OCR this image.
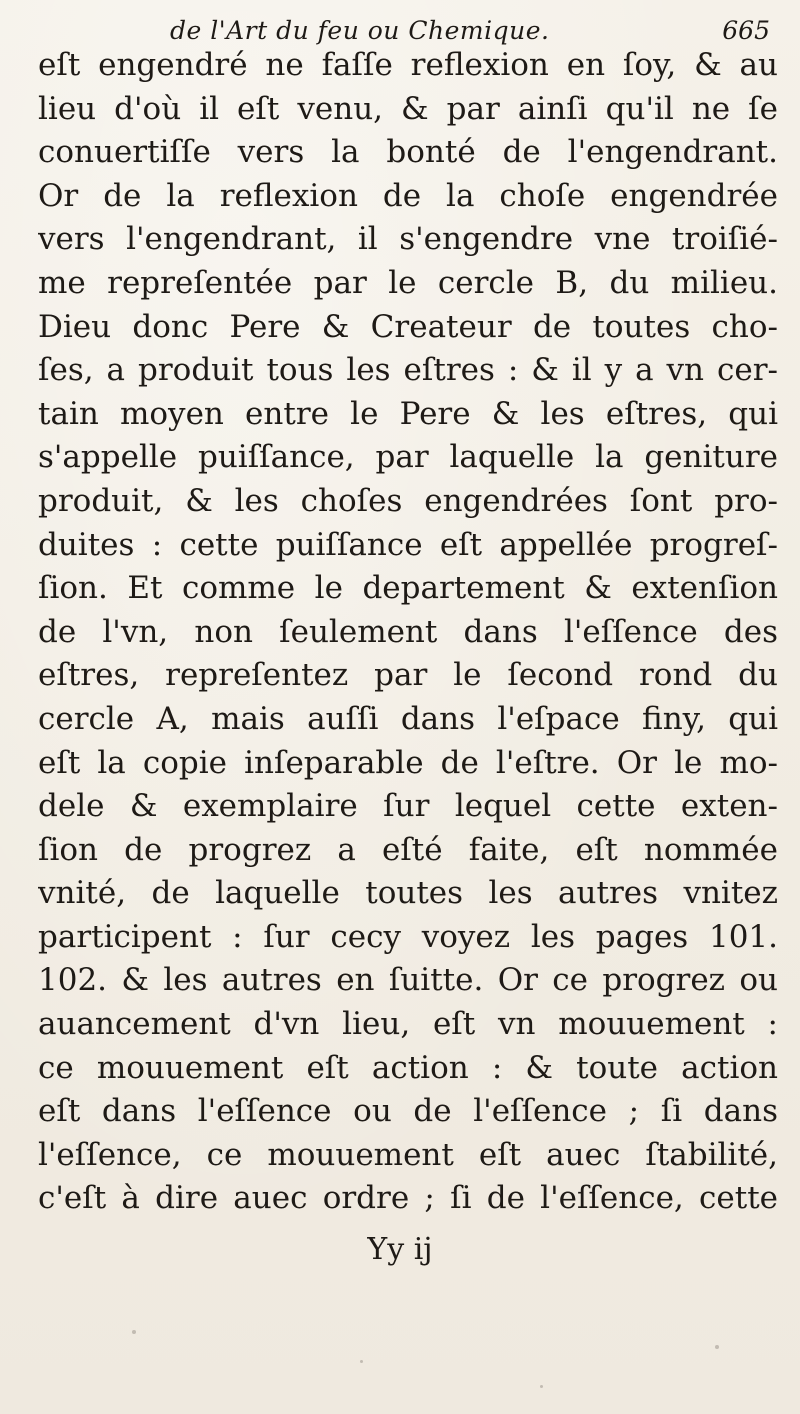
de l'Art du feu ou Chemique.	665
eſt engendré ne faſſe reflexion en ſoy, & au
lieu d'où il eſt venu, & par ainſi qu'il ne ſe
conuertiſſe vers la bonté de l'engendrant.
Or de la reflexion de la choſe engendrée
vers l'engendrant, il s'engendre vne troiſié-
me repreſentée par le cercle B, du milieu.
Dieu donc Pere & Createur de toutes cho-
ſes, a produit tous les eſtres : & il y a vn cer-
tain moyen entre le Pere & les eſtres, qui
s'appelle puiſſance, par laquelle la geniture
produit, & les choſes engendrées ſont pro-
duites : cette puiſſance eſt appellée progreſ-
ſion. Et comme le departement & extenſion
de l'vn, non ſeulement dans l'eſſence des
eſtres, repreſentez par le ſecond rond du
cercle A, mais auſſi dans l'eſpace finy, qui
eſt la copie inſeparable de l'eſtre. Or le mo-
dele & exemplaire ſur lequel cette exten-
ſion de progrez a eſté faite, eſt nommée
vnité, de laquelle toutes les autres vnitez
participent : ſur cecy voyez les pages 101.
102. & les autres en ſuitte. Or ce progrez ou
auancement d'vn lieu, eſt vn mouuement :
ce mouuement eſt action : & toute action
eſt dans l'eſſence ou de l'eſſence ; ſi dans
l'eſſence, ce mouuement eſt auec ſtabilité,
c'eſt à dire auec ordre ; ſi de l'eſſence, cette
Yy ij
